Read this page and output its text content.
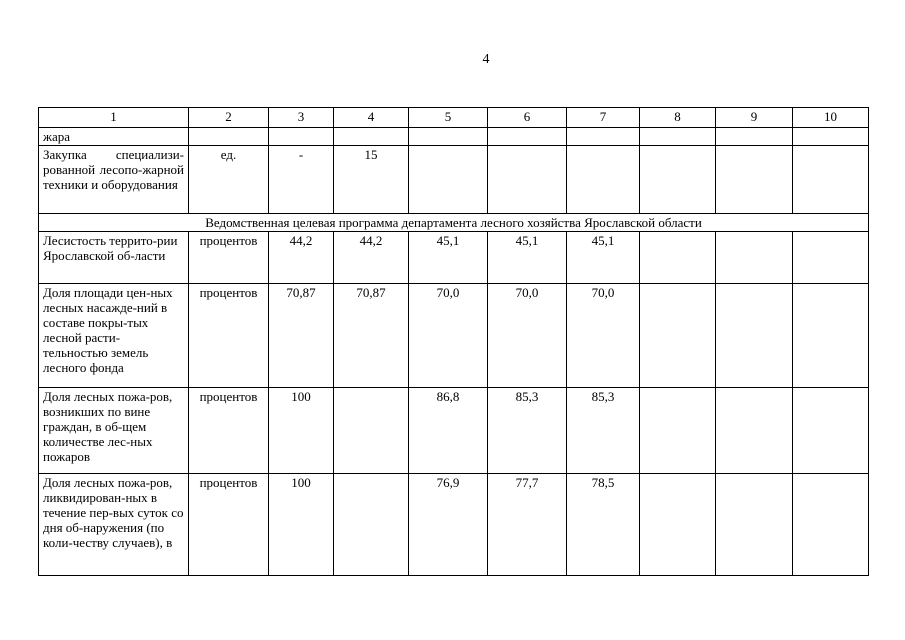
4
1	2	3	4	5	6	7	8	9	10
жара									
Закупка специализи-рованной лесопо-жарной техники и оборудования	ед.	-	15						
Ведомственная целевая программа департамента лесного хозяйства Ярославской области									
Лесистость террито-рии Ярославской об-ласти	процентов	44,2	44,2	45,1	45,1	45,1			
Доля площади цен-ных лесных насажде-ний в составе покры-тых лесной расти-тельностью земель лесного фонда	процентов	70,87	70,87	70,0	70,0	70,0			
Доля лесных пожа-ров, возникших по вине граждан, в об-щем количестве лес-ных пожаров	процентов	100		86,8	85,3	85,3			
Доля лесных пожа-ров, ликвидирован-ных в течение пер-вых суток со дня об-наружения (по коли-честву случаев), в	процентов	100		76,9	77,7	78,5			
